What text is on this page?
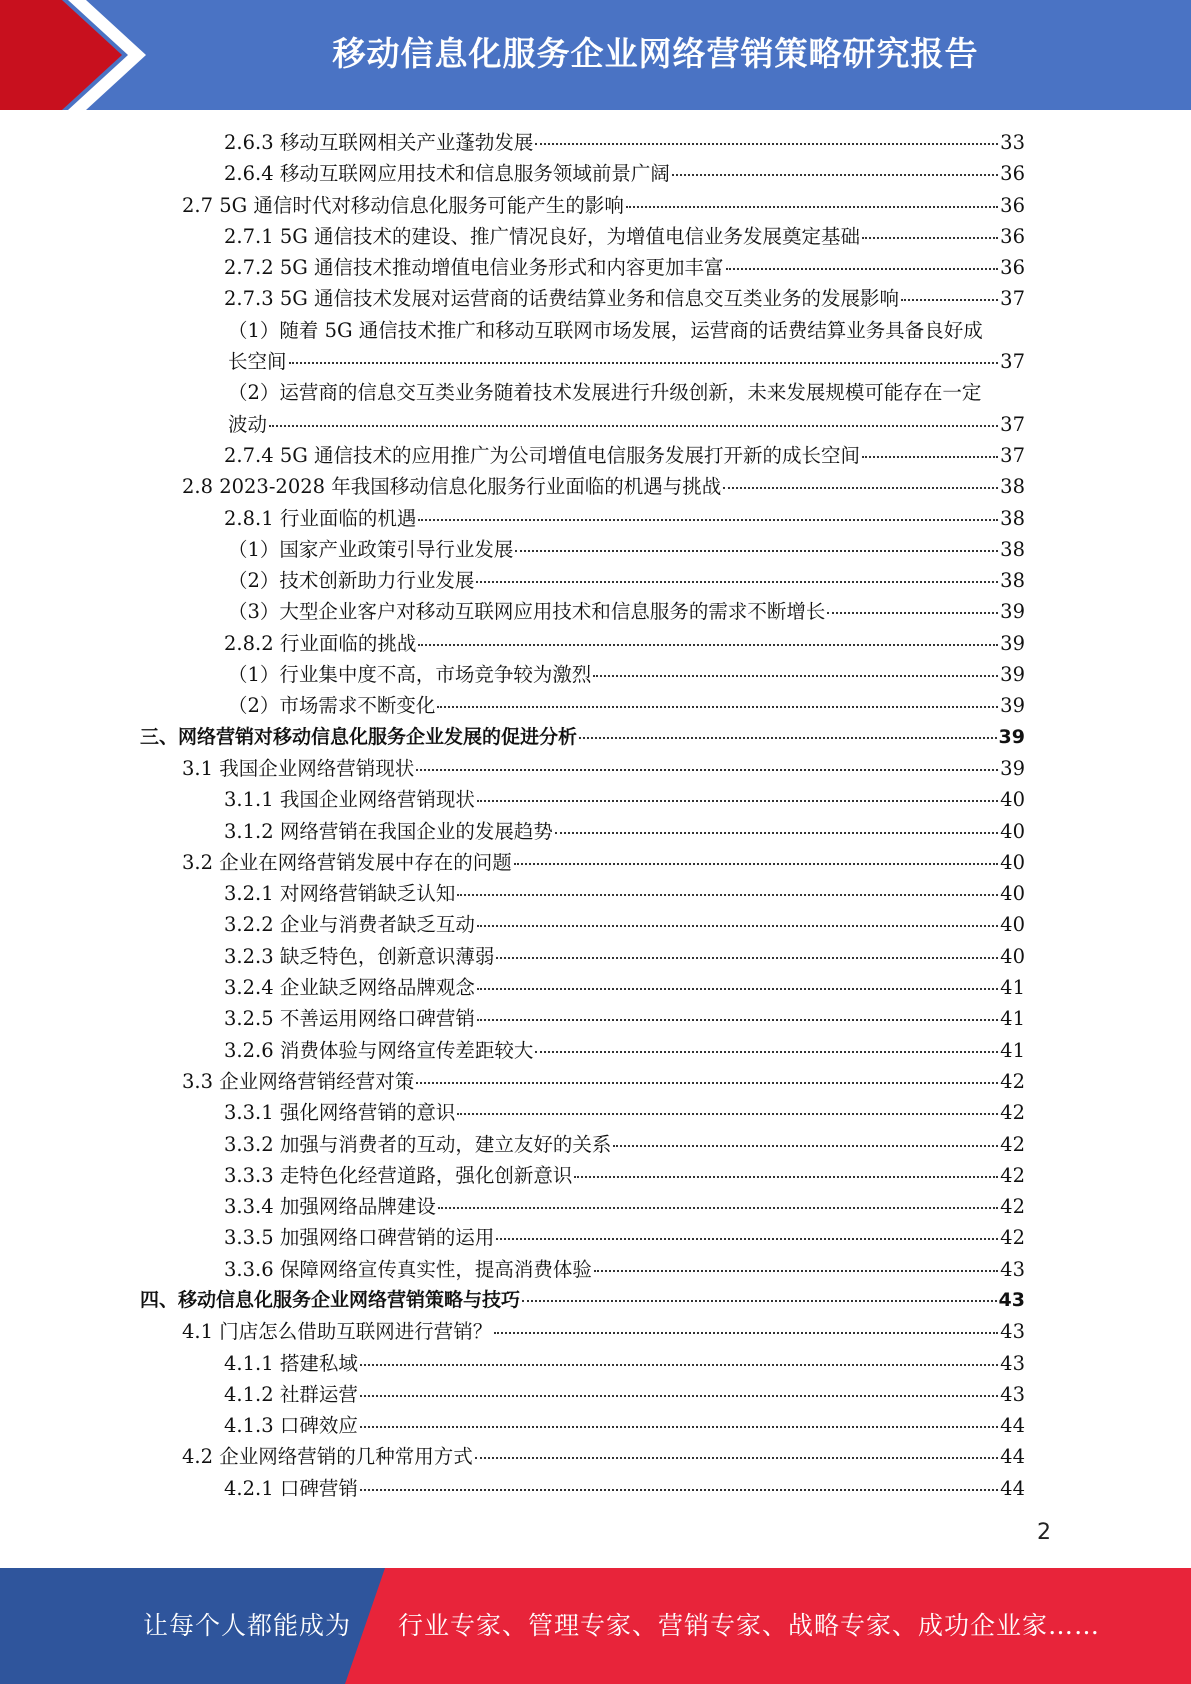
移动信息化服务企业网络营销策略研究报告
2.6.3 移动互联网相关产业蓬勃发展	33
2.6.4 移动互联网应用技术和信息服务领域前景广阔	36
2.7 5G 通信时代对移动信息化服务可能产生的影响	36
2.7.1 5G 通信技术的建设、推广情况良好，为增值电信业务发展奠定基础	36
2.7.2 5G 通信技术推动增值电信业务形式和内容更加丰富	36
2.7.3 5G 通信技术发展对运营商的话费结算业务和信息交互类业务的发展影响	37
（1）随着 5G 通信技术推广和移动互联网市场发展，运营商的话费结算业务具备良好成
长空间	37
（2）运营商的信息交互类业务随着技术发展进行升级创新，未来发展规模可能存在一定
波动	37
2.7.4 5G 通信技术的应用推广为公司增值电信服务发展打开新的成长空间	37
2.8 2023-2028 年我国移动信息化服务行业面临的机遇与挑战	38
2.8.1 行业面临的机遇	38
（1）国家产业政策引导行业发展	38
（2）技术创新助力行业发展	38
（3）大型企业客户对移动互联网应用技术和信息服务的需求不断增长	39
2.8.2 行业面临的挑战	39
（1）行业集中度不高，市场竞争较为激烈	39
（2）市场需求不断变化	39
三、网络营销对移动信息化服务企业发展的促进分析	39
3.1 我国企业网络营销现状	39
3.1.1 我国企业网络营销现状	40
3.1.2 网络营销在我国企业的发展趋势	40
3.2 企业在网络营销发展中存在的问题	40
3.2.1 对网络营销缺乏认知	40
3.2.2 企业与消费者缺乏互动	40
3.2.3 缺乏特色，创新意识薄弱	40
3.2.4 企业缺乏网络品牌观念	41
3.2.5 不善运用网络口碑营销	41
3.2.6 消费体验与网络宣传差距较大	41
3.3 企业网络营销经营对策	42
3.3.1 强化网络营销的意识	42
3.3.2 加强与消费者的互动，建立友好的关系	42
3.3.3 走特色化经营道路，强化创新意识	42
3.3.4 加强网络品牌建设	42
3.3.5 加强网络口碑营销的运用	42
3.3.6 保障网络宣传真实性，提高消费体验	43
四、移动信息化服务企业网络营销策略与技巧	43
4.1 门店怎么借助互联网进行营销？	43
4.1.1 搭建私域	43
4.1.2 社群运营	43
4.1.3 口碑效应	44
4.2 企业网络营销的几种常用方式	44
4.2.1 口碑营销	44
2
让每个人都能成为 行业专家、管理专家、营销专家、战略专家、成功企业家……
